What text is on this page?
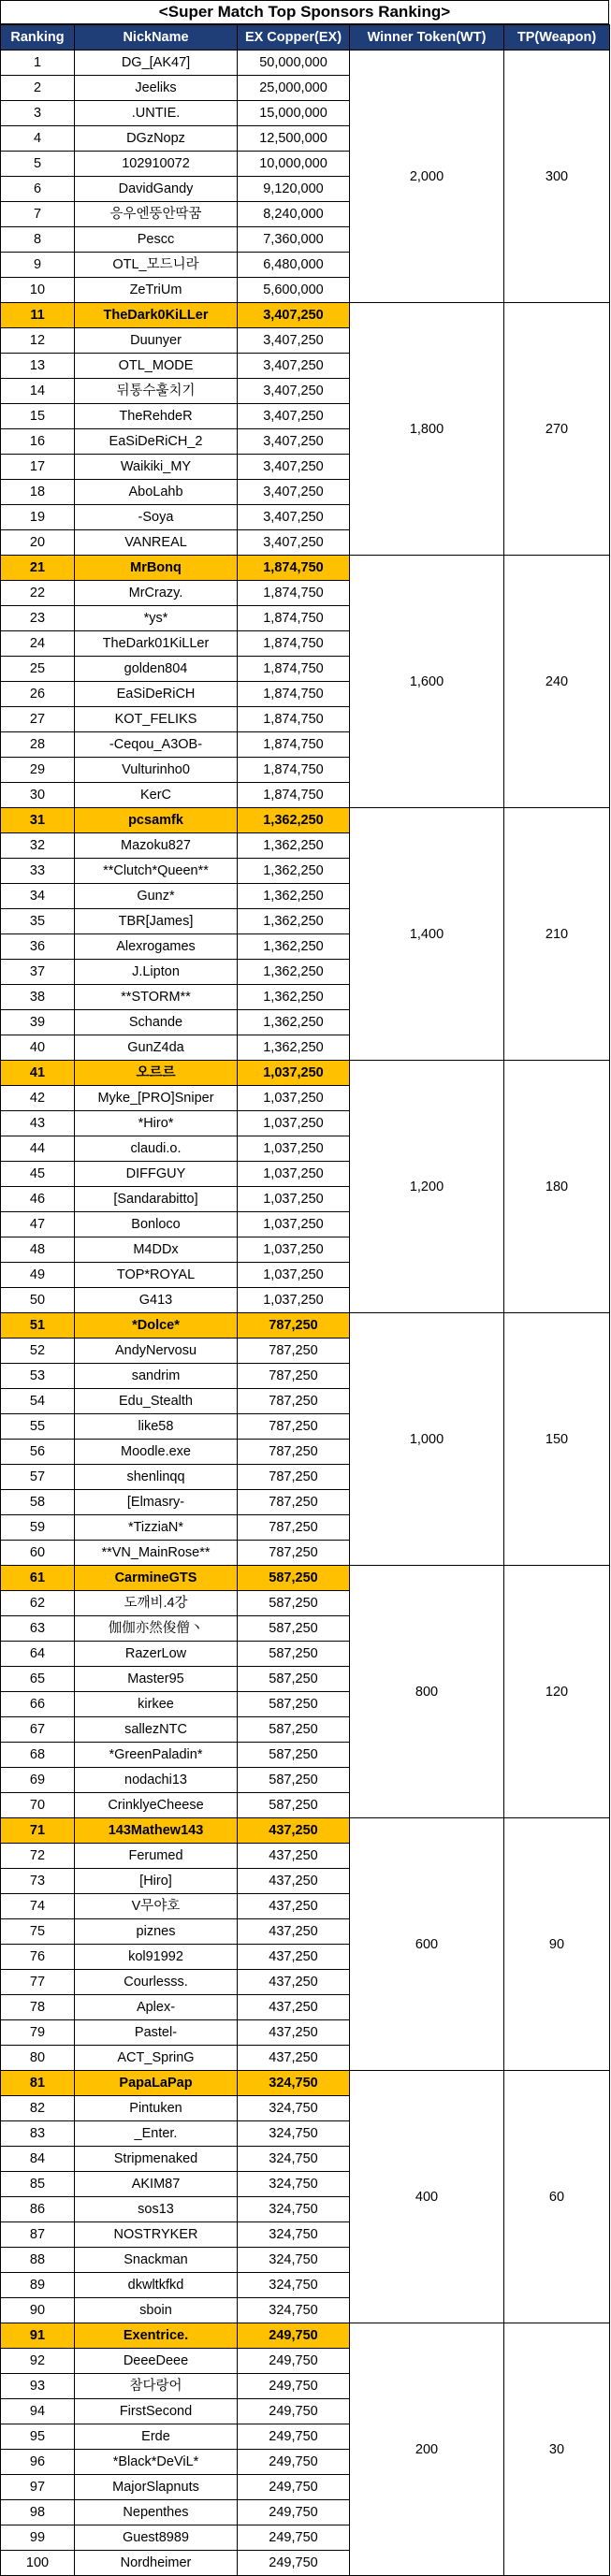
<Super Match Top Sponsors Ranking>
Ranking	NickName	EX Copper(EX)	Winner Token(WT)	TP(Weapon)
1	DG_[AK47]	50,000,000	2,000	300
2	Jeeliks	25,000,000		
3	.UNTIE.	15,000,000		
4	DGzNopz	12,500,000		
5	102910072	10,000,000		
6	DavidGandy	9,120,000		
7	응우엔뚱안딱꿈	8,240,000		
8	Pescc	7,360,000		
9	OTL_모드니라	6,480,000		
10	ZeTriUm	5,600,000		
11	TheDark0KiLLer	3,407,250	1,800	270
12	Duunyer	3,407,250		
13	OTL_MODE	3,407,250		
14	뒤통수훌치기	3,407,250		
15	TheRehdeR	3,407,250		
16	EaSiDeRiCH_2	3,407,250		
17	Waikiki_MY	3,407,250		
18	AboLahb	3,407,250		
19	-Soya	3,407,250		
20	VANREAL	3,407,250		
21	MrBonq	1,874,750	1,600	240
22	MrCrazy.	1,874,750		
23	*ys*	1,874,750		
24	TheDark01KiLLer	1,874,750		
25	golden804	1,874,750		
26	EaSiDeRiCH	1,874,750		
27	KOT_FELIKS	1,874,750		
28	-Ceqou_A3OB-	1,874,750		
29	Vulturinho0	1,874,750		
30	KerC	1,874,750		
31	pcsamfk	1,362,250	1,400	210
32	Mazoku827	1,362,250		
33	**Clutch*Queen**	1,362,250		
34	Gunz*	1,362,250		
35	TBR[James]	1,362,250		
36	Alexrogames	1,362,250		
37	J.Lipton	1,362,250		
38	**STORM**	1,362,250		
39	Schande	1,362,250		
40	GunZ4da	1,362,250		
41	오르르	1,037,250	1,200	180
42	Myke_[PRO]Sniper	1,037,250		
43	*Hiro*	1,037,250		
44	claudi.o.	1,037,250		
45	DIFFGUY	1,037,250		
46	[Sandarabitto]	1,037,250		
47	Bonloco	1,037,250		
48	M4DDx	1,037,250		
49	TOP*ROYAL	1,037,250		
50	G413	1,037,250		
51	*Dolce*	787,250	1,000	150
52	AndyNervosu	787,250		
53	sandrim	787,250		
54	Edu_Stealth	787,250		
55	like58	787,250		
56	Moodle.exe	787,250		
57	shenlinqq	787,250		
58	[Elmasry-	787,250		
59	*TizziaN*	787,250		
60	**VN_MainRose**	787,250		
61	CarmineGTS	587,250	800	120
62	도깨비.4강	587,250		
63	伽伽亦然俊僧丶	587,250		
64	RazerLow	587,250		
65	Master95	587,250		
66	kirkee	587,250		
67	sallezNTC	587,250		
68	*GreenPaladin*	587,250		
69	nodachi13	587,250		
70	CrinklyeCheese	587,250		
71	143Mathew143	437,250	600	90
72	Ferumed	437,250		
73	[Hiro]	437,250		
74	V무야호	437,250		
75	piznes	437,250		
76	kol91992	437,250		
77	Courlesss.	437,250		
78	Aplex-	437,250		
79	Pastel-	437,250		
80	ACT_SprinG	437,250		
81	PapaLaPap	324,750	400	60
82	Pintuken	324,750		
83	_Enter.	324,750		
84	Stripmenaked	324,750		
85	AKIM87	324,750		
86	sos13	324,750		
87	NOSTRYKER	324,750		
88	Snackman	324,750		
89	dkwltkfkd	324,750		
90	sboin	324,750		
91	Exentrice.	249,750	200	30
92	DeeeDeee	249,750		
93	참다랑어	249,750		
94	FirstSecond	249,750		
95	Erde	249,750		
96	*Black*DeViL*	249,750		
97	MajorSlapnuts	249,750		
98	Nepenthes	249,750		
99	Guest8989	249,750		
100	Nordheimer	249,750		
